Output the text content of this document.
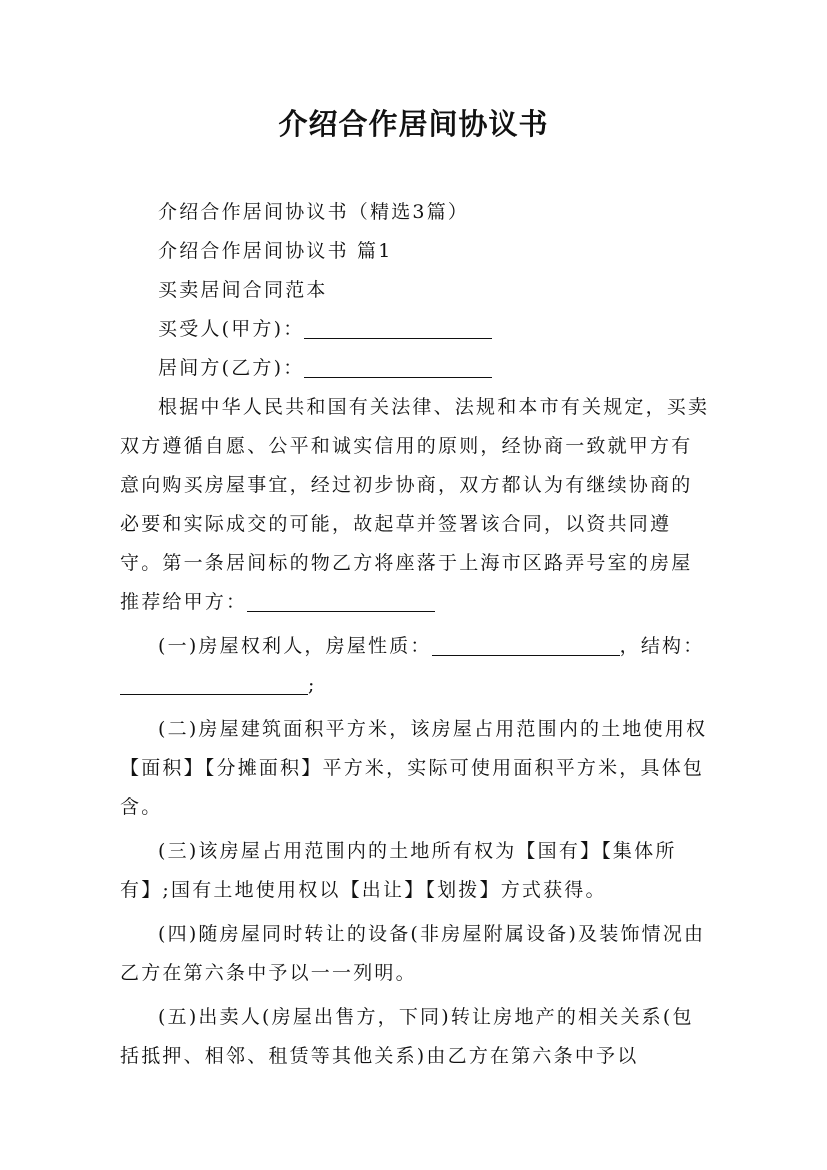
介绍合作居间协议书

介绍合作居间协议书（精选3篇）

介绍合作居间协议书 篇1

买卖居间合同范本

买受人(甲方)：

居间方(乙方)：

根据中华人民共和国有关法律、法规和本市有关规定，买卖双方遵循自愿、公平和诚实信用的原则，经协商一致就甲方有意向购买房屋事宜，经过初步协商，双方都认为有继续协商的必要和实际成交的可能，故起草并签署该合同，以资共同遵守。第一条居间标的物乙方将座落于上海市区路弄号室的房屋推荐给甲方：

(一)房屋权利人，房屋性质：	，结构：;

(二)房屋建筑面积平方米，该房屋占用范围内的土地使用权【面积】【分摊面积】平方米，实际可使用面积平方米，具体包含。

(三)该房屋占用范围内的土地所有权为【国有】【集体所有】;国有土地使用权以【出让】【划拨】方式获得。

(四)随房屋同时转让的设备(非房屋附属设备)及装饰情况由乙方在第六条中予以一一列明。

(五)出卖人(房屋出售方，下同)转让房地产的相关关系(包括抵押、相邻、租赁等其他关系)由乙方在第六条中予以
